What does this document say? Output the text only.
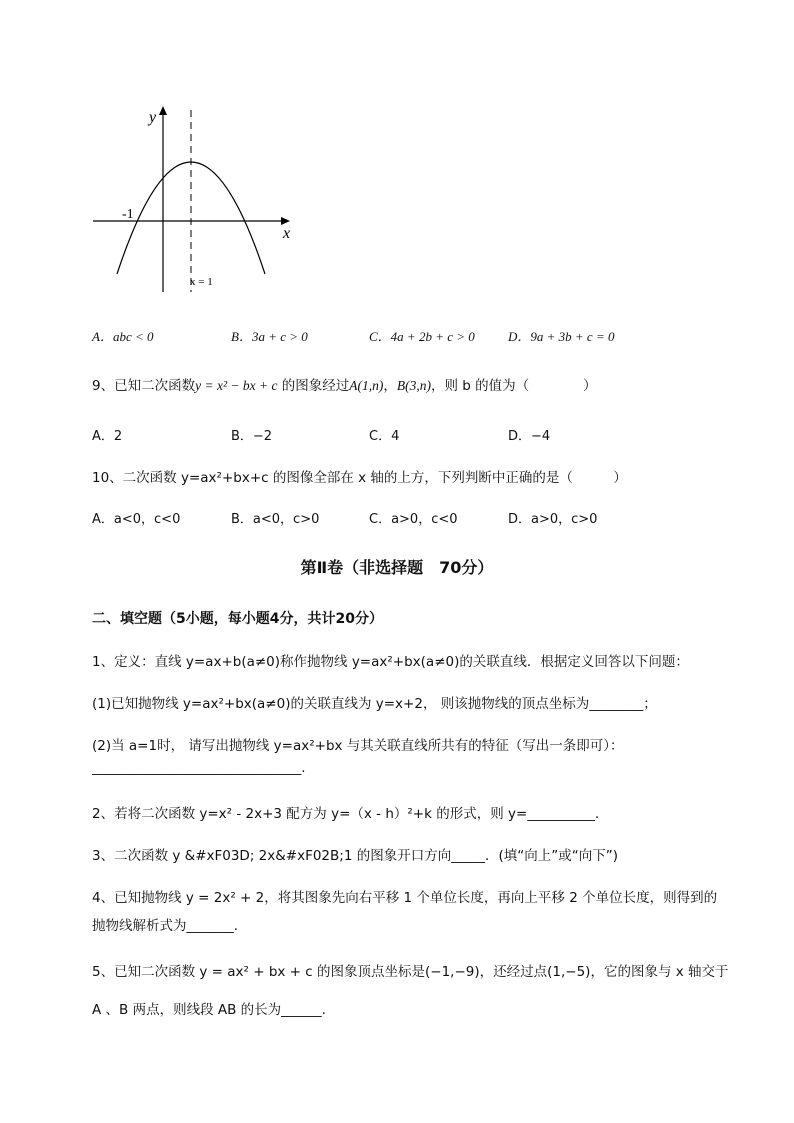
y
x
-1
x = 1
A．abc < 0	B．3a + c > 0	C．4a + 2b + c > 0	D．9a + 3b + c = 0
9、已知二次函数y = x² − bx + c 的图象经过A(1,n)，B(3,n)，则 b 的值为（　　　　）
A．2	B．−2	C．4	D．−4
10、二次函数 y=ax²+bx+c 的图像全部在 x 轴的上方，下列判断中正确的是（　　　）
A．a<0，c<0	B．a<0，c>0	C．a>0，c<0	D．a>0，c>0
第Ⅱ卷（非选择题　70分）
二、填空题（5小题，每小题4分，共计20分）
1、定义：直线 y=ax+b(a≠0)称作抛物线 y=ax²+bx(a≠0)的关联直线．根据定义回答以下问题：
(1)已知抛物线 y=ax²+bx(a≠0)的关联直线为 y=x+2， 则该抛物线的顶点坐标为________；
(2)当 a=1时， 请写出抛物线 y=ax²+bx 与其关联直线所共有的特征（写出一条即可）：
_______________________________.
2、若将二次函数 y=x² - 2x+3 配方为 y=（x - h）²+k 的形式，则 y=__________.
3、二次函数 y &#xF03D; 2x&#xF02B;1 的图象开口方向_____．(填“向上”或“向下”)
4、已知抛物线 y = 2x² + 2，将其图象先向右平移 1 个单位长度，再向上平移 2 个单位长度，则得到的
抛物线解析式为_______.
5、已知二次函数 y = ax² + bx + c 的图象顶点坐标是(−1,−9)，还经过点(1,−5)，它的图象与 x 轴交于
A 、B 两点，则线段 AB 的长为______.
